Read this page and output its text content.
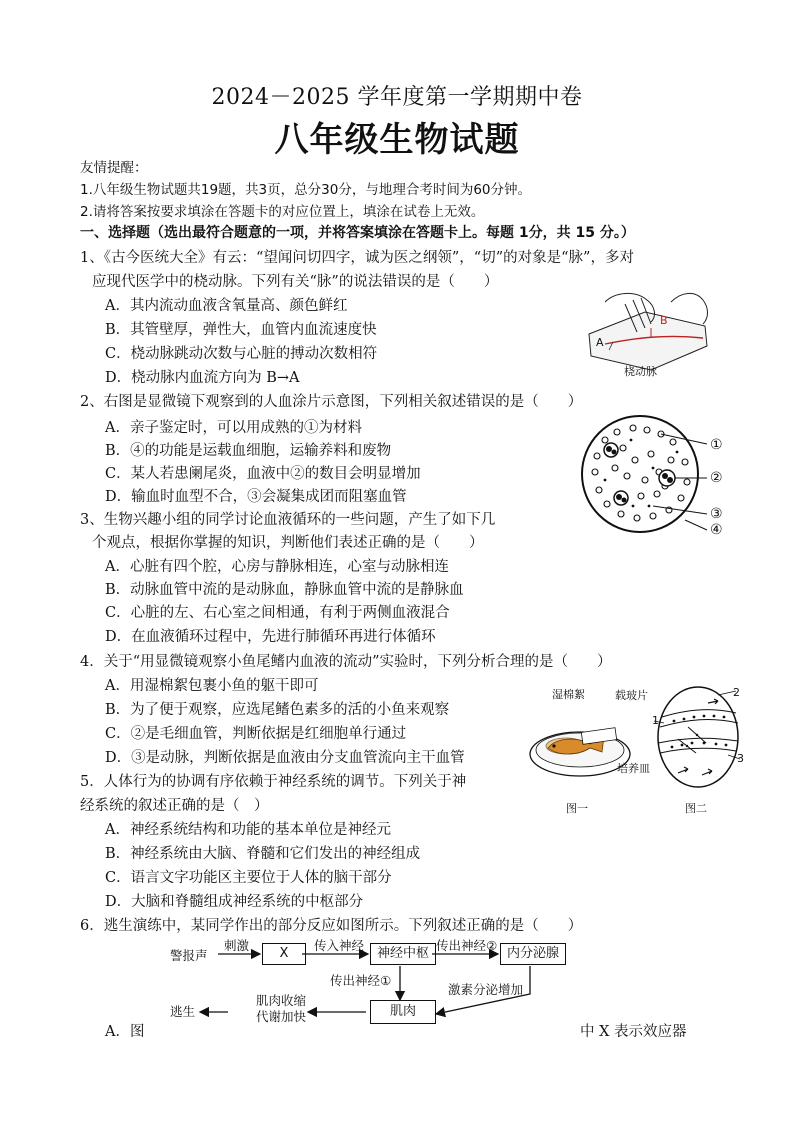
2024－2025 学年度第一学期期中卷
八年级生物试题
友情提醒：
1.八年级生物试题共19题，共3页，总分30分，与地理合考时间为60分钟。
2.请将答案按要求填涂在答题卡的对应位置上，填涂在试卷上无效。
一、选择题（选出最符合题意的一项，并将答案填涂在答题卡上。每题 1分，共 15 分。）
1、《古今医统大全》有云：“望闻问切四字，诚为医之纲领”，“切”的对象是“脉”，多对
应现代医学中的桡动脉。下列有关“脉”的说法错误的是（　　）
A．其内流动血液含氧量高、颜色鲜红
B．其管壁厚，弹性大，血管内血流速度快
C．桡动脉跳动次数与心脏的搏动次数相符
D．桡动脉内血流方向为 B→A	桡动脉
B
A
2、右图是显微镜下观察到的人血涂片示意图，下列相关叙述错误的是（　　）
A．亲子鉴定时，可以用成熟的①为材料
B．④的功能是运载血细胞，运输养料和废物
C．某人若患阑尾炎，血液中②的数目会明显增加
D．输血时血型不合，③会凝集成团而阻塞血管
①
②
③
④
3、生物兴趣小组的同学讨论血液循环的一些问题，产生了如下几
个观点，根据你掌握的知识，判断他们表述正确的是（　　）
A．心脏有四个腔，心房与静脉相连，心室与动脉相连
B．动脉血管中流的是动脉血，静脉血管中流的是静脉血
C．心脏的左、右心室之间相通，有利于两侧血液混合
D．在血液循环过程中，先进行肺循环再进行体循环
4．关于“用显微镜观察小鱼尾鳍内血液的流动”实验时，下列分析合理的是（　　）
A．用湿棉絮包裹小鱼的躯干即可
B．为了便于观察，应选尾鳍色素多的活的小鱼来观察
C．②是毛细血管，判断依据是红细胞单行通过
D．③是动脉，判断依据是血液由分支血管流向主干血管
湿棉絮	载玻片
培养皿
图一
2
1
3
图二
5．人体行为的协调有序依赖于神经系统的调节。下列关于神
经系统的叙述正确的是（　）
A．神经系统结构和功能的基本单位是神经元
B．神经系统由大脑、脊髓和它们发出的神经组成
C．语言文字功能区主要位于人体的脑干部分
D．大脑和脊髓组成神经系统的中枢部分
6．逃生演练中，某同学作出的部分反应如图所示。下列叙述正确的是（　　）
警报声
刺激
X
传入神经
神经中枢
传出神经②
内分泌腺
传出神经①
激素分泌增加
肌肉收缩
代谢加快	肌肉
逃生
A．图	中 X 表示效应器
